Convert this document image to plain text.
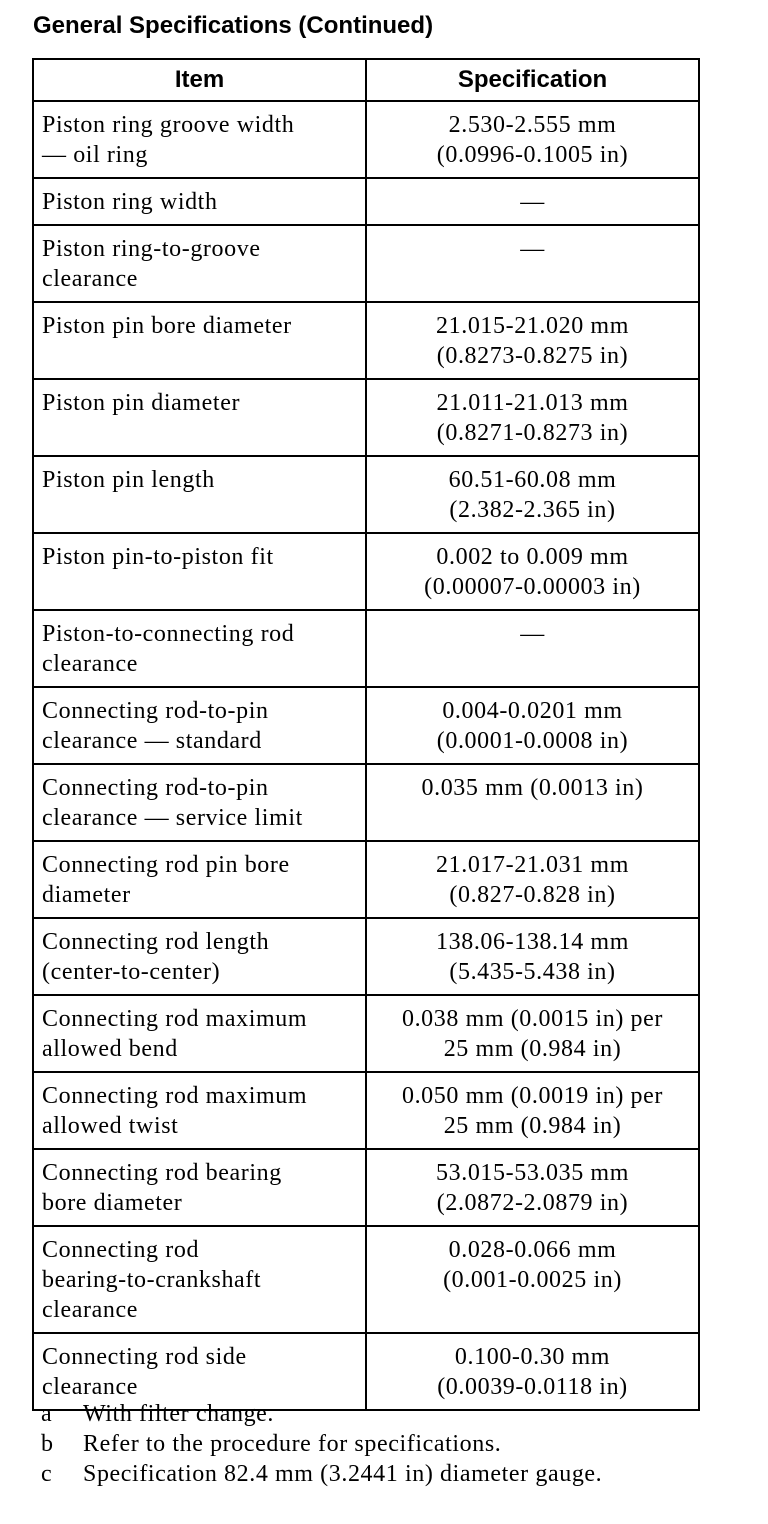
General Specifications (Continued)
Item	Specification

Piston ring groove width
— oil ring	2.530-2.555 mm
(0.0996-0.1005 in)

Piston ring width	—

Piston ring-to-groove
clearance	—

Piston pin bore diameter	21.015-21.020 mm
(0.8273-0.8275 in)

Piston pin diameter	21.011-21.013 mm
(0.8271-0.8273 in)

Piston pin length	60.51-60.08 mm
(2.382-2.365 in)

Piston pin-to-piston fit	0.002 to 0.009 mm
(0.00007-0.00003 in)

Piston-to-connecting rod
clearance	—

Connecting rod-to-pin
clearance — standard	0.004-0.0201 mm
(0.0001-0.0008 in)

Connecting rod-to-pin
clearance — service limit	0.035 mm (0.0013 in)

Connecting rod pin bore
diameter	21.017-21.031 mm
(0.827-0.828 in)

Connecting rod length
(center-to-center)	138.06-138.14 mm
(5.435-5.438 in)

Connecting rod maximum
allowed bend	0.038 mm (0.0015 in) per
25 mm (0.984 in)

Connecting rod maximum
allowed twist	0.050 mm (0.0019 in) per
25 mm (0.984 in)

Connecting rod bearing
bore diameter	53.015-53.035 mm
(2.0872-2.0879 in)

Connecting rod
bearing-to-crankshaft
clearance	0.028-0.066 mm
(0.001-0.0025 in)

Connecting rod side
clearance	0.100-0.30 mm
(0.0039-0.0118 in)
a With filter change.
b Refer to the procedure for specifications.
c Specification 82.4 mm (3.2441 in) diameter gauge.
